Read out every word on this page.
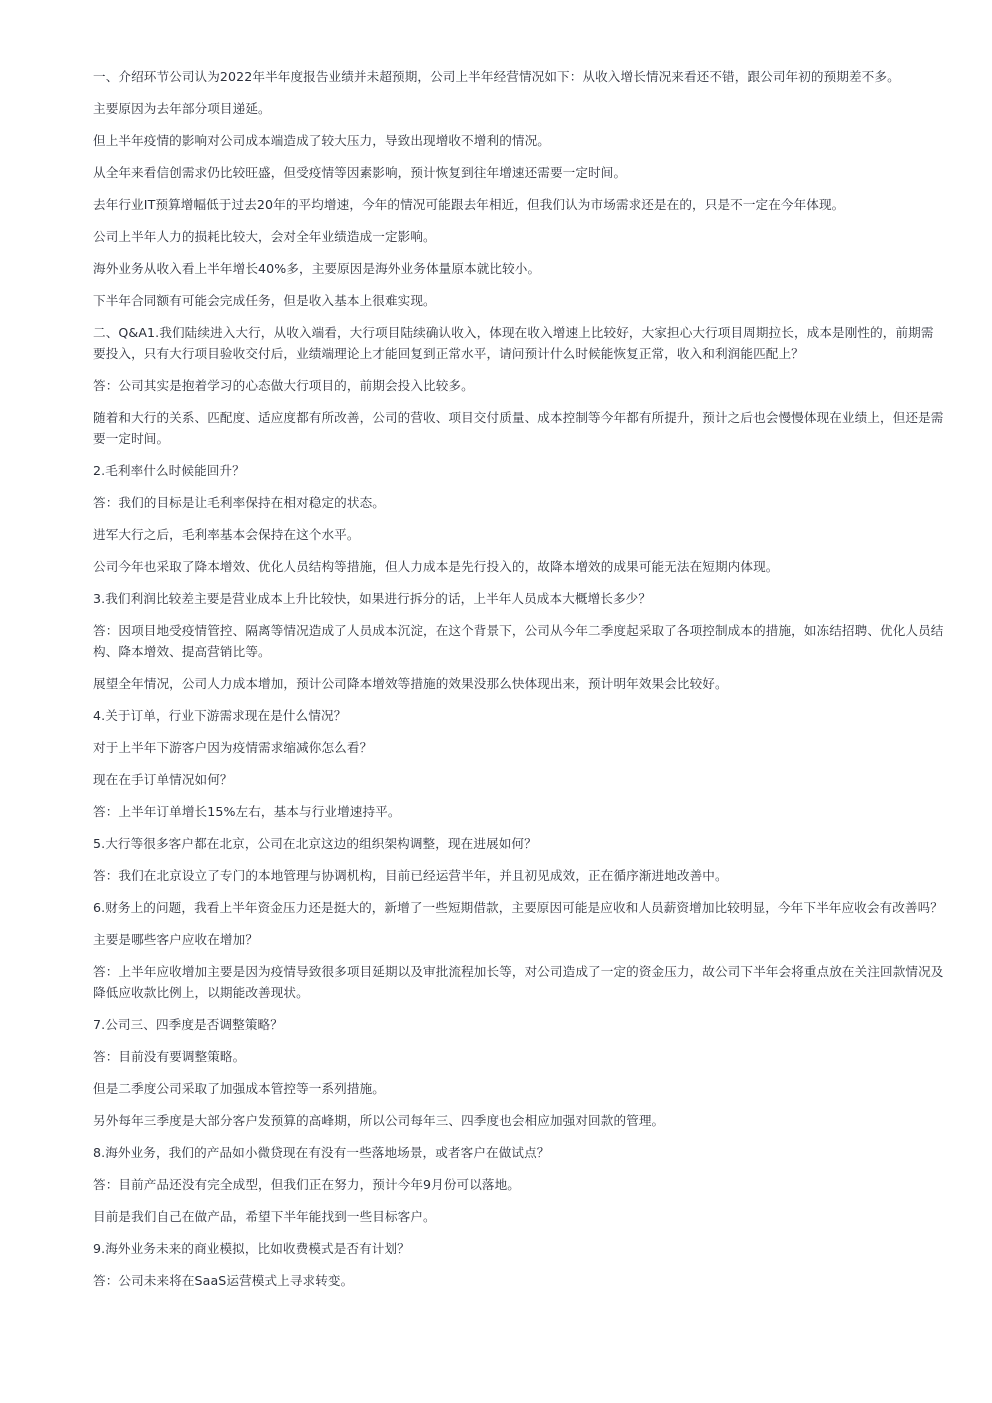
一、介绍环节公司认为2022年半年度报告业绩并未超预期，公司上半年经营情况如下：从收入增长情况来看还不错，跟公司年初的预期差不多。

主要原因为去年部分项目递延。

但上半年疫情的影响对公司成本端造成了较大压力，导致出现增收不增利的情况。

从全年来看信创需求仍比较旺盛，但受疫情等因素影响，预计恢复到往年增速还需要一定时间。

去年行业IT预算增幅低于过去20年的平均增速，今年的情况可能跟去年相近，但我们认为市场需求还是在的，只是不一定在今年体现。

公司上半年人力的损耗比较大，会对全年业绩造成一定影响。

海外业务从收入看上半年增长40%多，主要原因是海外业务体量原本就比较小。

下半年合同额有可能会完成任务，但是收入基本上很难实现。

二、Q&A1.我们陆续进入大行，从收入端看，大行项目陆续确认收入，体现在收入增速上比较好，大家担心大行项目周期拉长，成本是刚性的，前期需要投入，只有大行项目验收交付后，业绩端理论上才能回复到正常水平，请问预计什么时候能恢复正常，收入和利润能匹配上？

答：公司其实是抱着学习的心态做大行项目的，前期会投入比较多。

随着和大行的关系、匹配度、适应度都有所改善，公司的营收、项目交付质量、成本控制等今年都有所提升，预计之后也会慢慢体现在业绩上，但还是需要一定时间。

2.毛利率什么时候能回升？

答：我们的目标是让毛利率保持在相对稳定的状态。

进军大行之后，毛利率基本会保持在这个水平。

公司今年也采取了降本增效、优化人员结构等措施，但人力成本是先行投入的，故降本增效的成果可能无法在短期内体现。

3.我们利润比较差主要是营业成本上升比较快，如果进行拆分的话，上半年人员成本大概增长多少？

答：因项目地受疫情管控、隔离等情况造成了人员成本沉淀，在这个背景下，公司从今年二季度起采取了各项控制成本的措施，如冻结招聘、优化人员结构、降本增效、提高营销比等。

展望全年情况，公司人力成本增加，预计公司降本增效等措施的效果没那么快体现出来，预计明年效果会比较好。

4.关于订单，行业下游需求现在是什么情况？

对于上半年下游客户因为疫情需求缩减你怎么看？

现在在手订单情况如何？

答：上半年订单增长15%左右，基本与行业增速持平。

5.大行等很多客户都在北京，公司在北京这边的组织架构调整，现在进展如何？

答：我们在北京设立了专门的本地管理与协调机构，目前已经运营半年，并且初见成效，正在循序渐进地改善中。

6.财务上的问题，我看上半年资金压力还是挺大的，新增了一些短期借款，主要原因可能是应收和人员薪资增加比较明显，今年下半年应收会有改善吗？

主要是哪些客户应收在增加？

答：上半年应收增加主要是因为疫情导致很多项目延期以及审批流程加长等，对公司造成了一定的资金压力，故公司下半年会将重点放在关注回款情况及降低应收款比例上，以期能改善现状。

7.公司三、四季度是否调整策略？

答：目前没有要调整策略。

但是二季度公司采取了加强成本管控等一系列措施。

另外每年三季度是大部分客户发预算的高峰期，所以公司每年三、四季度也会相应加强对回款的管理。

8.海外业务，我们的产品如小微贷现在有没有一些落地场景，或者客户在做试点？

答：目前产品还没有完全成型，但我们正在努力，预计今年9月份可以落地。

目前是我们自己在做产品，希望下半年能找到一些目标客户。

9.海外业务未来的商业模拟，比如收费模式是否有计划？

答：公司未来将在SaaS运营模式上寻求转变。
